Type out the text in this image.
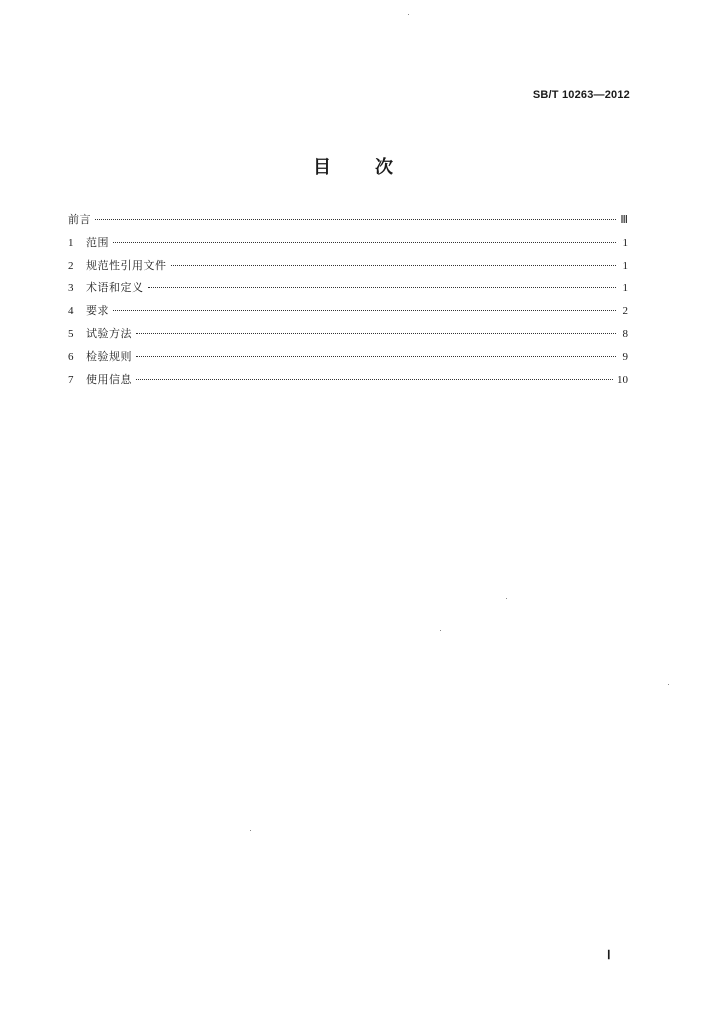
SB/T 10263—2012
目 次
前言	Ⅲ
1	范围	1
2	规范性引用文件	1
3	术语和定义	1
4	要求	2
5	试验方法	8
6	检验规则	9
7	使用信息	10
Ⅰ
